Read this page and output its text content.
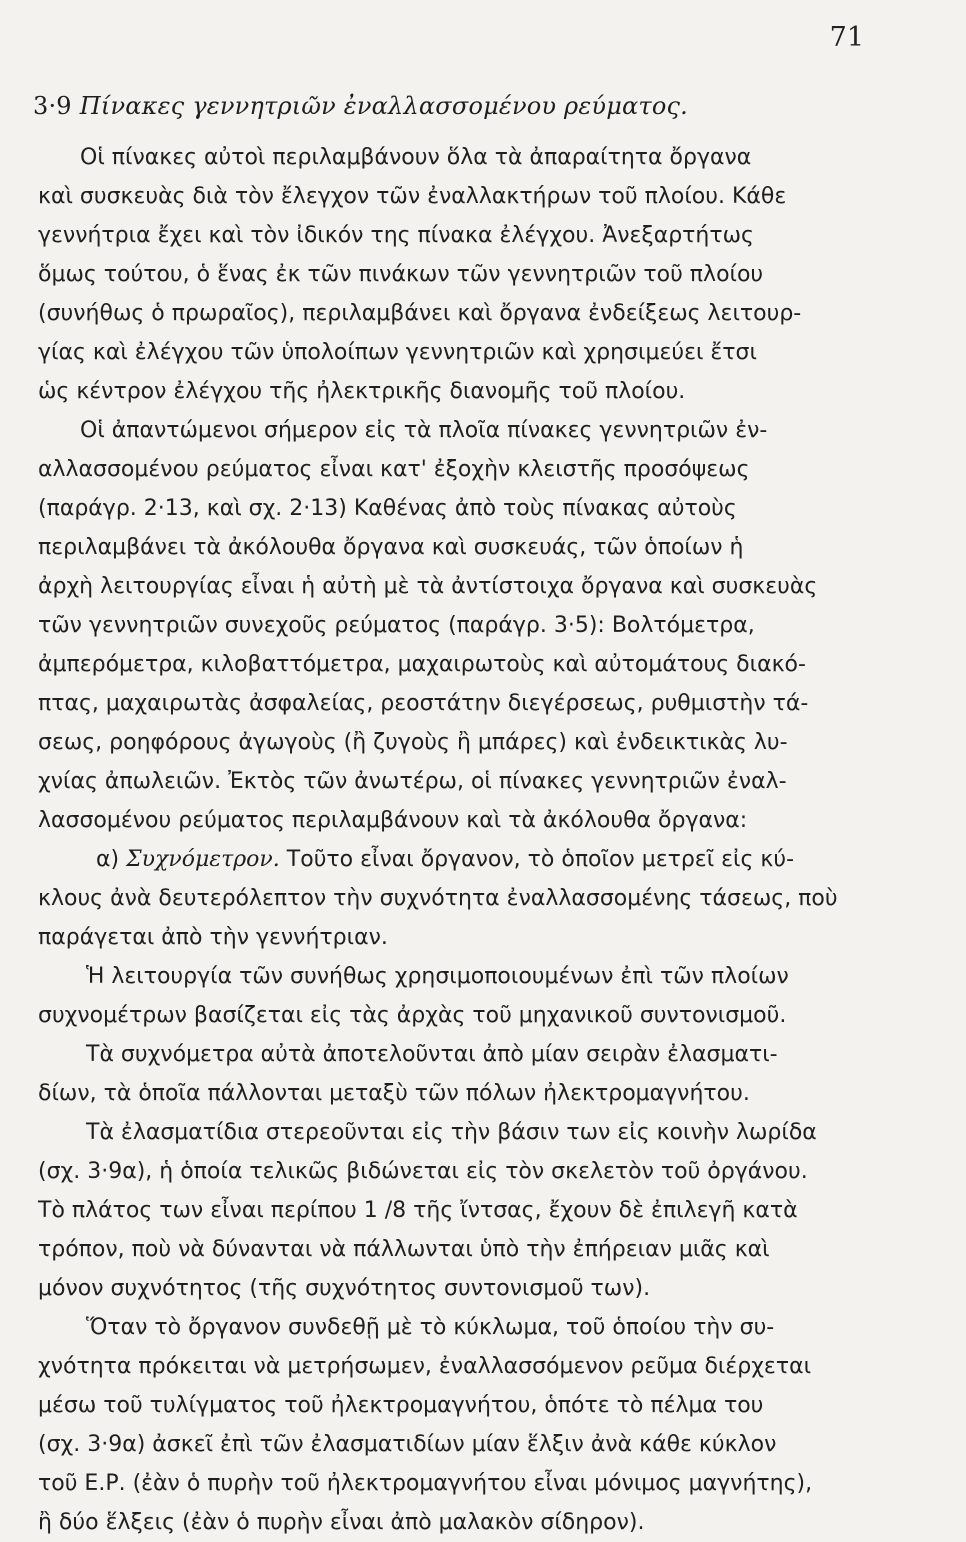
71
3·9 Πίνακες γεννητριῶν ἐναλλασσομένου ρεύματος.
Οἱ πίνακες αὐτοὶ περιλαμβάνουν ὅλα τὰ ἀπαραίτητα ὄργανα
καὶ συσκευὰς διὰ τὸν ἔλεγχον τῶν ἐναλλακτήρων τοῦ πλοίου. Κάθε
γεννήτρια ἔχει καὶ τὸν ἰδικόν της πίνακα ἐλέγχου. Ἀνεξαρτήτως
ὅμως τούτου, ὁ ἕνας ἐκ τῶν πινάκων τῶν γεννητριῶν τοῦ πλοίου
(συνήθως ὁ πρωραῖος), περιλαμβάνει καὶ ὄργανα ἐνδείξεως λειτουρ-
γίας καὶ ἐλέγχου τῶν ὑπολοίπων γεννητριῶν καὶ χρησιμεύει ἔτσι
ὡς κέντρον ἐλέγχου τῆς ἠλεκτρικῆς διανομῆς τοῦ πλοίου.
Οἱ ἀπαντώμενοι σήμερον εἰς τὰ πλοῖα πίνακες γεννητριῶν ἐν-
αλλασσομένου ρεύματος εἶναι κατ' ἐξοχὴν κλειστῆς προσόψεως
(παράγρ. 2·13, καὶ σχ. 2·13) Καθένας ἀπὸ τοὺς πίνακας αὐτοὺς
περιλαμβάνει τὰ ἀκόλουθα ὄργανα καὶ συσκευάς, τῶν ὁποίων ἡ
ἀρχὴ λειτουργίας εἶναι ἡ αὐτὴ μὲ τὰ ἀντίστοιχα ὄργανα καὶ συσκευὰς
τῶν γεννητριῶν συνεχοῦς ρεύματος (παράγρ. 3·5): Βολτόμετρα,
ἀμπερόμετρα, κιλοβαττόμετρα, μαχαιρωτοὺς καὶ αὐτομάτους διακό-
πτας, μαχαιρωτὰς ἀσφαλείας, ρεοστάτην διεγέρσεως, ρυθμιστὴν τά-
σεως, ροηφόρους ἀγωγοὺς (ἢ ζυγοὺς ἢ μπάρες) καὶ ἐνδεικτικὰς λυ-
χνίας ἀπωλειῶν. Ἐκτὸς τῶν ἀνωτέρω, οἱ πίνακες γεννητριῶν ἐναλ-
λασσομένου ρεύματος περιλαμβάνουν καὶ τὰ ἀκόλουθα ὄργανα:
α)
Συχνόμετρον.
Τοῦτο εἶναι ὄργανον, τὸ ὁποῖον μετρεῖ εἰς κύ-
κλους ἀνὰ δευτερόλεπτον τὴν συχνότητα ἐναλλασσομένης τάσεως, ποὺ
παράγεται ἀπὸ τὴν γεννήτριαν.
Ἡ λειτουργία τῶν συνήθως χρησιμοποιουμένων ἐπὶ τῶν πλοίων
συχνομέτρων βασίζεται εἰς τὰς ἀρχὰς τοῦ μηχανικοῦ συντονισμοῦ.
Τὰ συχνόμετρα αὐτὰ ἀποτελοῦνται ἀπὸ μίαν σειρὰν ἐλασματι-
δίων, τὰ ὁποῖα πάλλονται μεταξὺ τῶν πόλων ἠλεκτρομαγνήτου.
Τὰ ἐλασματίδια στερεοῦνται εἰς τὴν βάσιν των εἰς κοινὴν λωρίδα
(σχ. 3·9α), ἡ ὁποία τελικῶς βιδώνεται εἰς τὸν σκελετὸν τοῦ ὀργάνου.
Τὸ πλάτος των εἶναι περίπου 1 /8 τῆς ἴντσας, ἔχουν δὲ ἐπιλεγῆ κατὰ
τρόπον, ποὺ νὰ δύνανται νὰ πάλλωνται ὑπὸ τὴν ἐπήρειαν μιᾶς καὶ
μόνον συχνότητος (τῆς συχνότητος συντονισμοῦ των).
Ὅταν τὸ ὄργανον συνδεθῇ μὲ τὸ κύκλωμα, τοῦ ὁποίου τὴν συ-
χνότητα πρόκειται νὰ μετρήσωμεν, ἐναλλασσόμενον ρεῦμα διέρχεται
μέσω τοῦ τυλίγματος τοῦ ἠλεκτρομαγνήτου, ὁπότε τὸ πέλμα του
(σχ. 3·9α) ἀσκεῖ ἐπὶ τῶν ἐλασματιδίων μίαν ἕλξιν ἀνὰ κάθε κύκλον
τοῦ Ε.Ρ. (ἐὰν ὁ πυρὴν τοῦ ἠλεκτρομαγνήτου εἶναι μόνιμος μαγνήτης),
ἢ δύο ἕλξεις (ἐὰν ὁ πυρὴν εἶναι ἀπὸ μαλακὸν σίδηρον).
